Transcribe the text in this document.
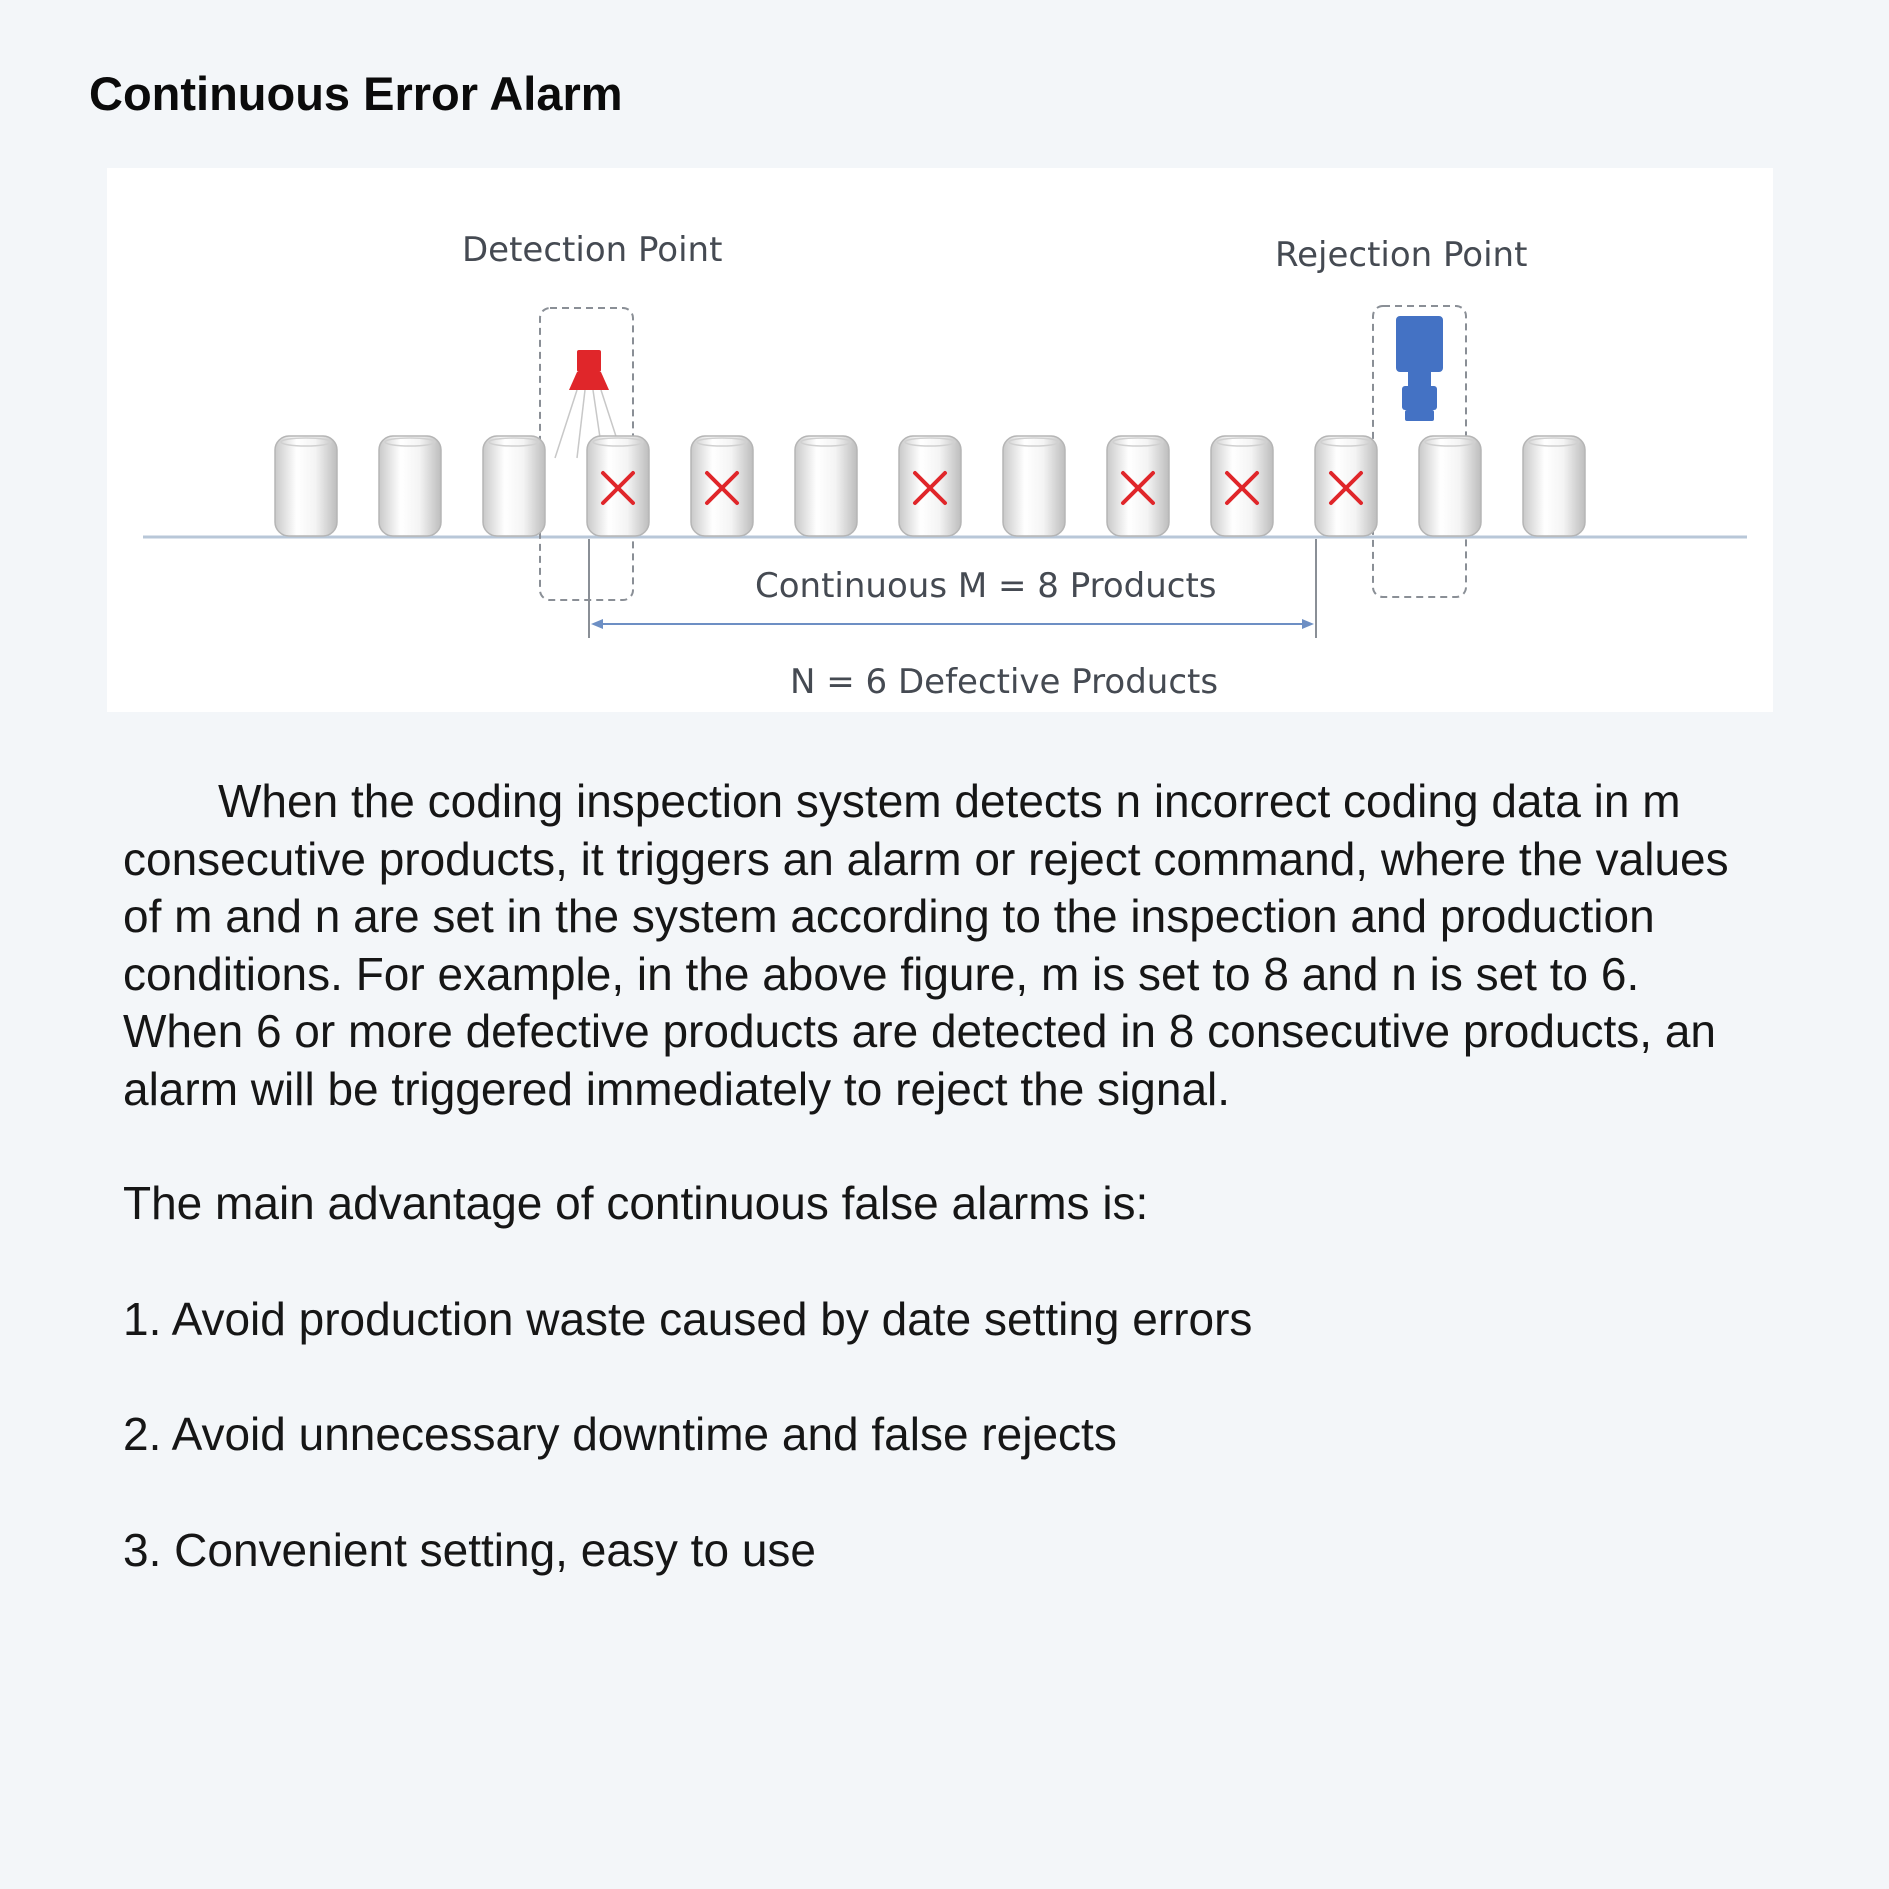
Continuous Error Alarm
Detection Point	Rejection Point
Continuous M = 8 Products
N = 6 Defective Products

When the coding inspection system detects n incorrect coding data in m consecutive products, it triggers an alarm or reject command, where the values of m and n are set in the system according to the inspection and production conditions. For example, in the above figure, m is set to 8 and n is set to 6. When 6 or more defective products are detected in 8 consecutive products, an alarm will be triggered immediately to reject the signal.

The main advantage of continuous false alarms is:

1. Avoid production waste caused by date setting errors

2. Avoid unnecessary downtime and false rejects

3. Convenient setting, easy to use
